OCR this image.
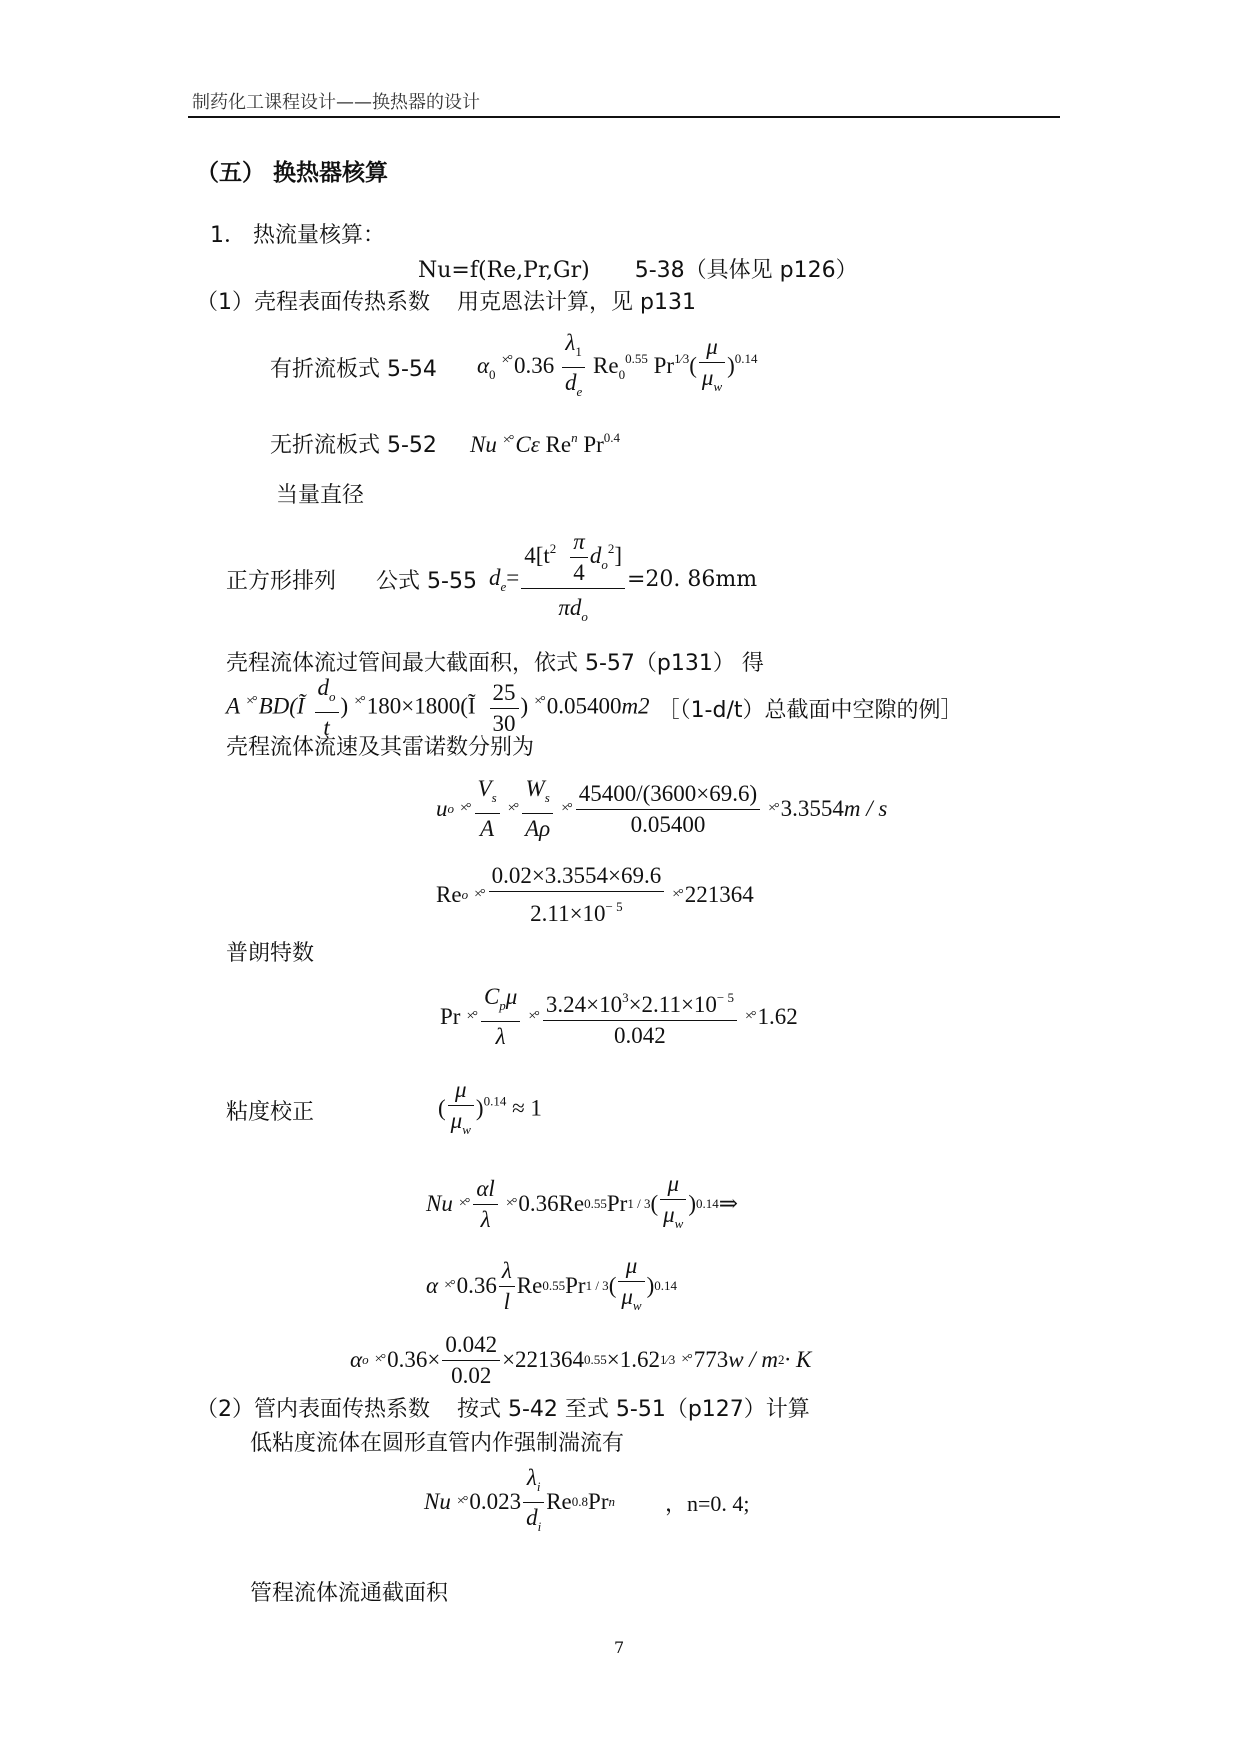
制药化工课程设计——换热器的设计
（五） 换热器核算
1． 热流量核算：
Nu=f(Re,Pr,Gr) 5-38（具体见 p126）
（1）壳程表面传热系数 用克恩法计算，见 p131
有折流板式 5-54 $\alpha_0^{\times^\circ}$ $0.36 \frac{\lambda_1}{d_e} Re_0^{0.55}$ $Pr^{1⁄3}( \frac{\mu}{\mu_w} )^{0.14}$
无折流板式 5-52 Nu ×° Cε Re$^n$ $Pr^{0.4}$
当量直径
正方形排列 公式 5-55 $d_e= \frac{4[t^2 \frac{\pi}{4} d_o^2]}{\pi d_o} =20$. 86mm
壳程流体流过管间最大截面积，依式 5-57（p131） 得
A ×° BD(Ĩ $\frac{d_o}{t}$ ) ×° 180×1800(Ĩ $\frac{25}{30}$ ) ×° 0.05400m2 ［（1-d/t）总截面中空隙的例］
壳程流体流速及其雷诺数分别为
u o ×° $\frac{V_s}{A}$ ×° $\frac{W_s}{A\rho}$ ×° $\frac{45400/(3600\times 69.6)}{0.05400}$ ×° 3.3554 m / s
Re o ×° $\frac{0.02\times 3.3554\times 69.6}{2.11\times 10^{- 5}}$ ×° 221364
普朗特数
Pr ×° $\frac{C_p\mu}{\lambda}$ ×° $\frac{3.24\times 10^3\times 2.11\times 10^{- 5}}{0.042}$ ×° 1.62
粘度校正	( $\frac{\mu}{\mu_w} )^{0.14} \approx 1$
Nu ×° $\frac{\alpha l}{\lambda}$ ×° 0.36 Re 0.55 Pr 1 / 3 ( $\frac{\mu}{\mu_w}$ ) 0.14 ⇒
α ×° $0.36 \frac{\lambda}{l}$ Re 0.55 Pr 1 / 3 ( $\frac{\mu}{\mu_w}$ ) 0.14
α o ×° $0.36\times \frac{0.042}{0.02} \times 221364$ 0.55 ×1.62 1⁄3 ×° 773 w / m 2 · K
（2）管内表面传热系数 按式 5-42 至式 5-51（p127）计算
低粘度流体在圆形直管内作强制湍流有
Nu ×° $0.023 \frac{\lambda_i}{d_i}$ Re 0.8 Pr n ，n=0. 4;
管程流体流通截面积
7
